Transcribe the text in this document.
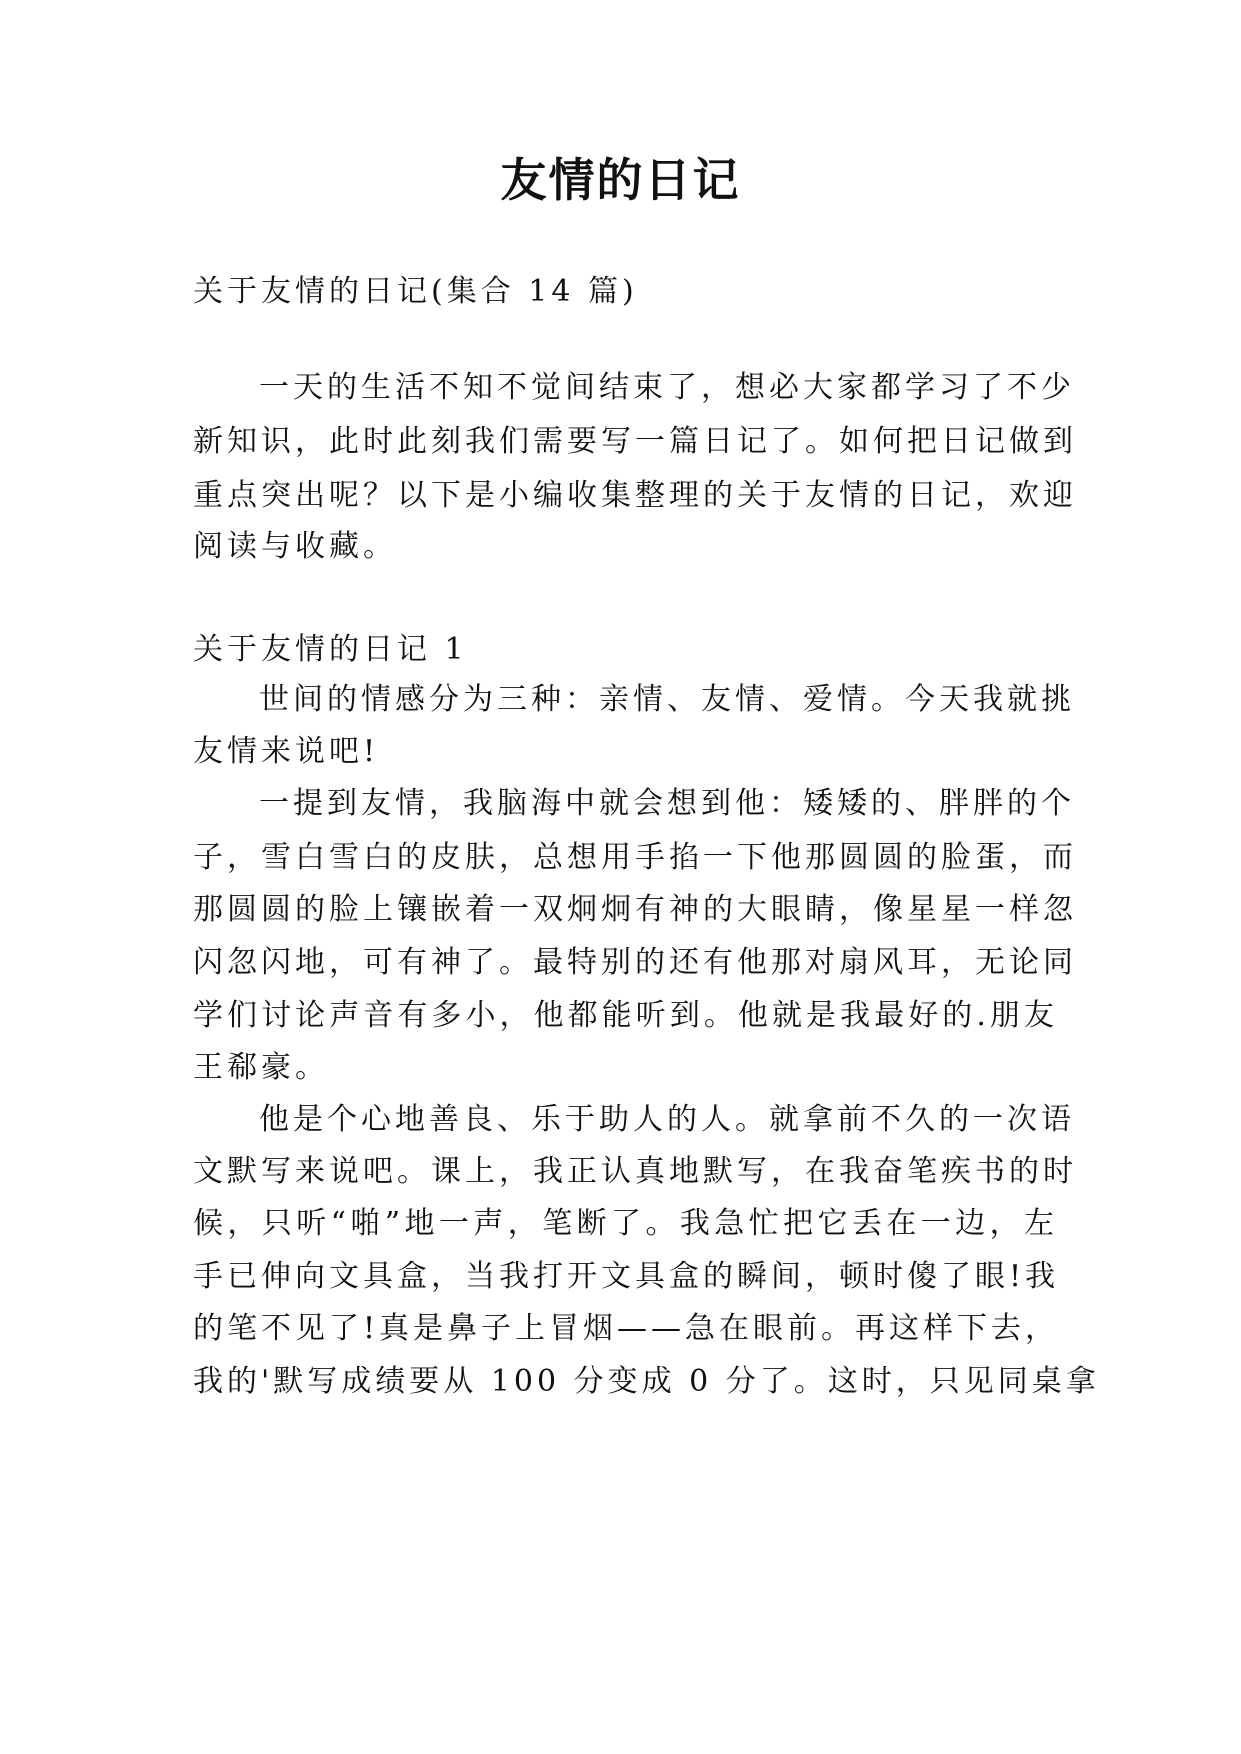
友情的日记
关于友情的日记(集合 14 篇)
一天的生活不知不觉间结束了，想必大家都学习了不少
新知识，此时此刻我们需要写一篇日记了。如何把日记做到
重点突出呢？以下是小编收集整理的关于友情的日记，欢迎
阅读与收藏。
关于友情的日记 1
世间的情感分为三种：亲情、友情、爱情。今天我就挑
友情来说吧!
一提到友情，我脑海中就会想到他：矮矮的、胖胖的个
子，雪白雪白的皮肤，总想用手掐一下他那圆圆的脸蛋，而
那圆圆的脸上镶嵌着一双炯炯有神的大眼睛，像星星一样忽
闪忽闪地，可有神了。最特别的还有他那对扇风耳，无论同
学们讨论声音有多小，他都能听到。他就是我最好的.朋友
王郗豪。
他是个心地善良、乐于助人的人。就拿前不久的一次语
文默写来说吧。课上，我正认真地默写，在我奋笔疾书的时
候，只听“啪”地一声，笔断了。我急忙把它丢在一边，左
手已伸向文具盒，当我打开文具盒的瞬间，顿时傻了眼!我
的笔不见了!真是鼻子上冒烟——急在眼前。再这样下去，
我的'默写成绩要从 100 分变成 0 分了。这时，只见同桌拿
